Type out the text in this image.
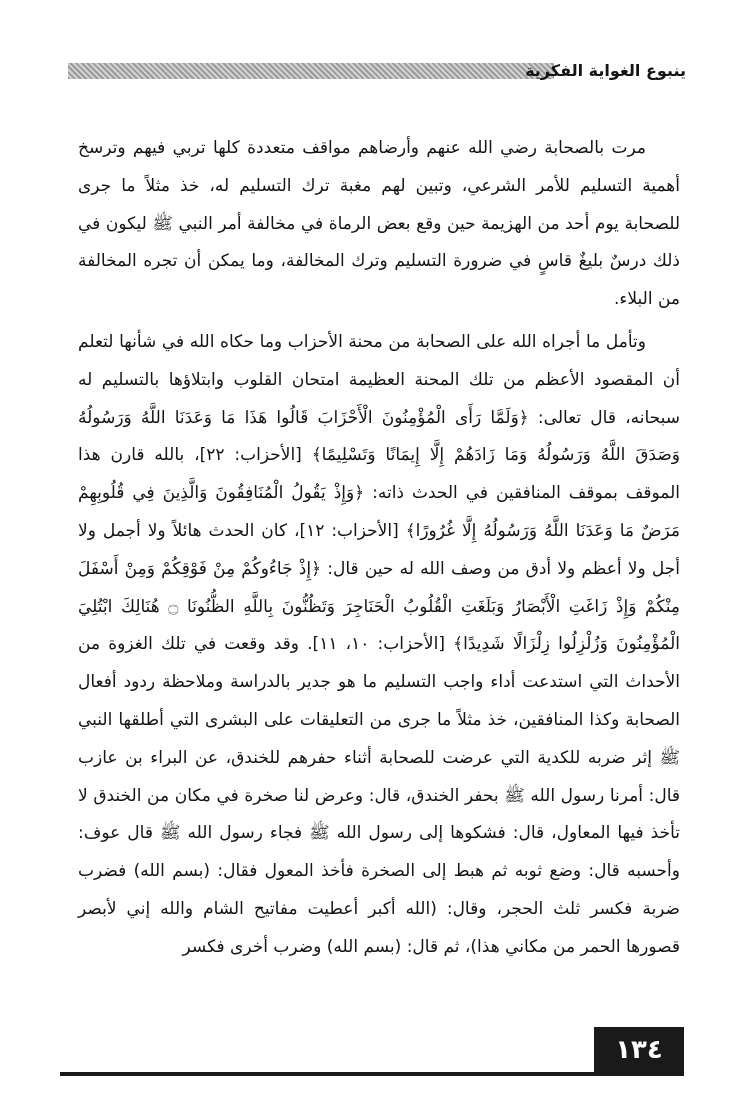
ينبوع الغواية الفكرية

مرت بالصحابة رضي الله عنهم وأرضاهم مواقف متعددة كلها تربي فيهم وترسخ أهمية التسليم للأمر الشرعي، وتبين لهم مغبة ترك التسليم له، خذ مثلاً ما جرى للصحابة يوم أحد من الهزيمة حين وقع بعض الرماة في مخالفة أمر النبي ﷺ ليكون في ذلك درسٌ بليغٌ قاسٍ في ضرورة التسليم وترك المخالفة، وما يمكن أن تجره المخالفة من البلاء.

وتأمل ما أجراه الله على الصحابة من محنة الأحزاب وما حكاه الله في شأنها لتعلم أن المقصود الأعظم من تلك المحنة العظيمة امتحان القلوب وابتلاؤها بالتسليم له سبحانه، قال تعالى: ﴿وَلَمَّا رَأَى الْمُؤْمِنُونَ الْأَحْزَابَ قَالُوا هَذَا مَا وَعَدَنَا اللَّهُ وَرَسُولُهُ وَصَدَقَ اللَّهُ وَرَسُولُهُ وَمَا زَادَهُمْ إِلَّا إِيمَانًا وَتَسْلِيمًا﴾ [الأحزاب: ٢٢]، بالله قارن هذا الموقف بموقف المنافقين في الحدث ذاته: ﴿وَإِذْ يَقُولُ الْمُنَافِقُونَ وَالَّذِينَ فِي قُلُوبِهِمْ مَرَضٌ مَا وَعَدَنَا اللَّهُ وَرَسُولُهُ إِلَّا غُرُورًا﴾ [الأحزاب: ١٢]، كان الحدث هائلاً ولا أجمل ولا أجل ولا أعظم ولا أدق من وصف الله له حين قال: ﴿إِذْ جَاءُوكُمْ مِنْ فَوْقِكُمْ وَمِنْ أَسْفَلَ مِنْكُمْ وَإِذْ زَاغَتِ الْأَبْصَارُ وَبَلَغَتِ الْقُلُوبُ الْحَنَاجِرَ وَتَظُنُّونَ بِاللَّهِ الظُّنُونَا ۝ هُنَالِكَ ابْتُلِيَ الْمُؤْمِنُونَ وَزُلْزِلُوا زِلْزَالًا شَدِيدًا﴾ [الأحزاب: ١٠، ١١]. وقد وقعت في تلك الغزوة من الأحداث التي استدعت أداء واجب التسليم ما هو جدير بالدراسة وملاحظة ردود أفعال الصحابة وكذا المنافقين، خذ مثلاً ما جرى من التعليقات على البشرى التي أطلقها النبي ﷺ إثر ضربه للكدية التي عرضت للصحابة أثناء حفرهم للخندق، عن البراء بن عازب قال: أمرنا رسول الله ﷺ بحفر الخندق، قال: وعرض لنا صخرة في مكان من الخندق لا تأخذ فيها المعاول، قال: فشكوها إلى رسول الله ﷺ فجاء رسول الله ﷺ قال عوف: وأحسبه قال: وضع ثوبه ثم هبط إلى الصخرة فأخذ المعول فقال: (بسم الله) فضرب ضربة فكسر ثلث الحجر، وقال: (الله أكبر أعطيت مفاتيح الشام والله إني لأبصر قصورها الحمر من مكاني هذا)، ثم قال: (بسم الله) وضرب أخرى فكسر

١٣٤
